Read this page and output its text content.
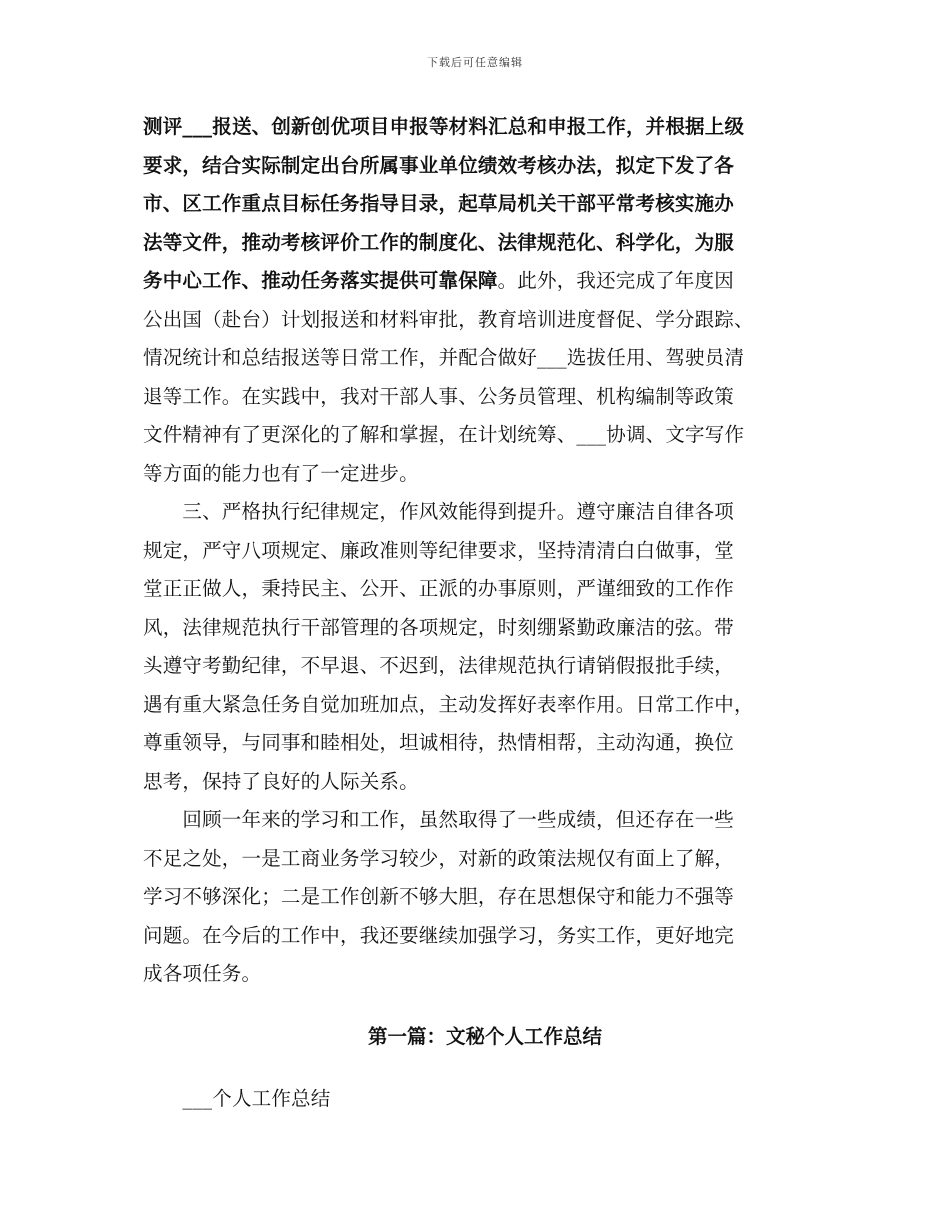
下载后可任意编辑
测评___报送、创新创优项目申报等材料汇总和申报工作，并根据上级
要求，结合实际制定出台所属事业单位绩效考核办法，拟定下发了各
市、区工作重点目标任务指导目录，起草局机关干部平常考核实施办
法等文件，推动考核评价工作的制度化、法律规范化、科学化，为服
务中心工作、推动任务落实提供可靠保障。此外，我还完成了年度因
公出国（赴台）计划报送和材料审批，教育培训进度督促、学分跟踪、
情况统计和总结报送等日常工作，并配合做好___选拔任用、驾驶员清
退等工作。在实践中，我对干部人事、公务员管理、机构编制等政策
文件精神有了更深化的了解和掌握，在计划统筹、___协调、文字写作
等方面的能力也有了一定进步。
　　三、严格执行纪律规定，作风效能得到提升。遵守廉洁自律各项
规定，严守八项规定、廉政准则等纪律要求，坚持清清白白做事，堂
堂正正做人，秉持民主、公开、正派的办事原则，严谨细致的工作作
风，法律规范执行干部管理的各项规定，时刻绷紧勤政廉洁的弦。带
头遵守考勤纪律，不早退、不迟到，法律规范执行请销假报批手续，
遇有重大紧急任务自觉加班加点，主动发挥好表率作用。日常工作中，
尊重领导，与同事和睦相处，坦诚相待，热情相帮，主动沟通，换位
思考，保持了良好的人际关系。
　　回顾一年来的学习和工作，虽然取得了一些成绩，但还存在一些
不足之处，一是工商业务学习较少，对新的政策法规仅有面上了解，
学习不够深化；二是工作创新不够大胆，存在思想保守和能力不强等
问题。在今后的工作中，我还要继续加强学习，务实工作，更好地完
成各项任务。
第一篇：文秘个人工作总结
　　___个人工作总结
